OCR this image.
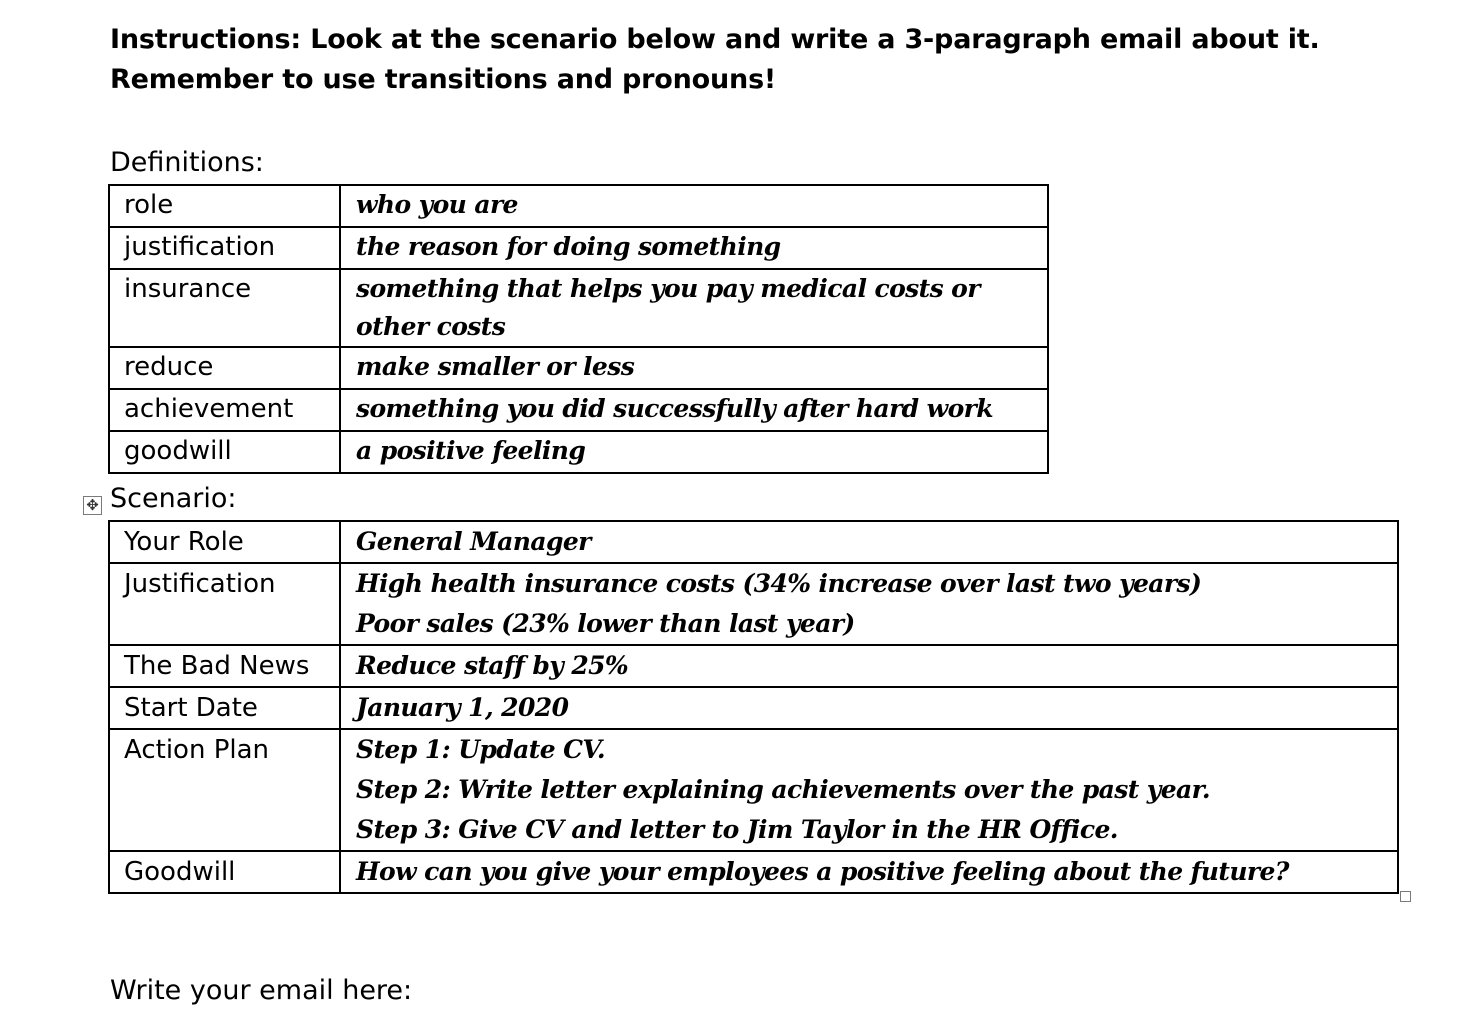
Instructions: Look at the scenario below and write a 3-paragraph email about it.
Remember to use transitions and pronouns!
Definitions:
role	who you are
justification	the reason for doing something
insurance	something that helps you pay medical costs or other costs
reduce	make smaller or less
achievement	something you did successfully after hard work
goodwill	a positive feeling
✥ Scenario:
Your Role	General Manager

Justification	High health insurance costs (34% increase over last two years)
Poor sales (23% lower than last year)

The Bad News	Reduce staff by 25%

Start Date	January 1, 2020

Action Plan	Step 1: Update CV.
Step 2: Write letter explaining achievements over the past year.
Step 3: Give CV and letter to Jim Taylor in the HR Office.

Goodwill	How can you give your employees a positive feeling about the future?
Write your email here:
